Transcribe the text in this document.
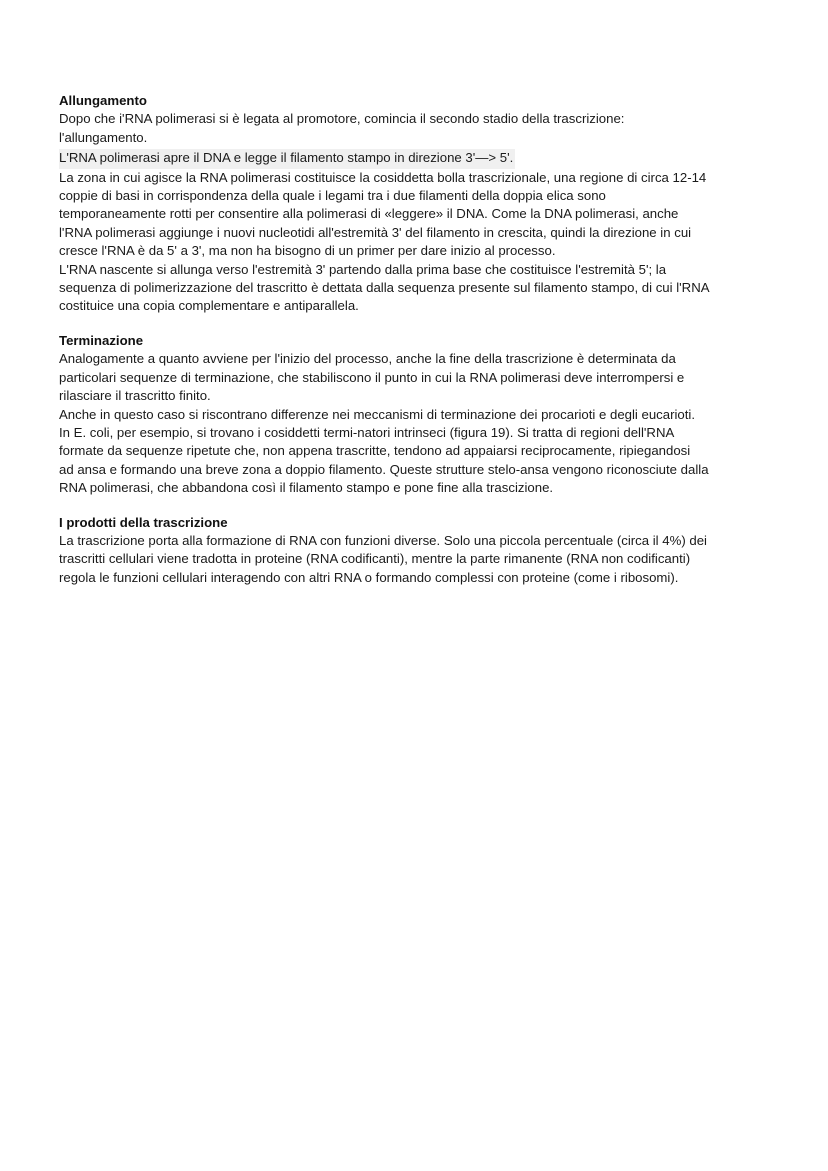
Allungamento

Dopo che i'RNA polimerasi si è legata al promotore, comincia il secondo stadio della trascrizione:
l'allungamento.

L'RNA polimerasi apre il DNA e legge il filamento stampo in direzione 3'—> 5'.

La zona in cui agisce la RNA polimerasi costituisce la cosiddetta bolla trascrizionale, una regione di circa 12-14
coppie di basi in corrispondenza della quale i legami tra i due filamenti della doppia elica sono
temporaneamente rotti per consentire alla polimerasi di «leggere» il DNA. Come la DNA polimerasi, anche
l'RNA polimerasi aggiunge i nuovi nucleotidi all'estremità 3' del filamento in crescita, quindi la direzione in cui
cresce l'RNA è da 5' a 3', ma non ha bisogno di un primer per dare inizio al processo.
L'RNA nascente si allunga verso l'estremità 3' partendo dalla prima base che costituisce l'estremità 5'; la
sequenza di polimerizzazione del trascritto è dettata dalla sequenza presente sul filamento stampo, di cui l'RNA
costituice una copia complementare e antiparallela.

Terminazione

Analogamente a quanto avviene per l'inizio del processo, anche la fine della trascrizione è determinata da
particolari sequenze di terminazione, che stabiliscono il punto in cui la RNA polimerasi deve interrompersi e
rilasciare il trascritto finito.
Anche in questo caso si riscontrano differenze nei meccanismi di terminazione dei procarioti e degli eucarioti.
In E. coli, per esempio, si trovano i cosiddetti termi-natori intrinseci (figura 19). Si tratta di regioni dell'RNA
formate da sequenze ripetute che, non appena trascritte, tendono ad appaiarsi reciprocamente, ripiegandosi
ad ansa e formando una breve zona a doppio filamento. Queste strutture stelo-ansa vengono riconosciute dalla
RNA polimerasi, che abbandona così il filamento stampo e pone fine alla trascizione.

I prodotti della trascrizione

La trascrizione porta alla formazione di RNA con funzioni diverse. Solo una piccola percentuale (circa il 4%) dei
trascritti cellulari viene tradotta in proteine (RNA codificanti), mentre la parte rimanente (RNA non codificanti)
regola le funzioni cellulari interagendo con altri RNA o formando complessi con proteine (come i ribosomi).
